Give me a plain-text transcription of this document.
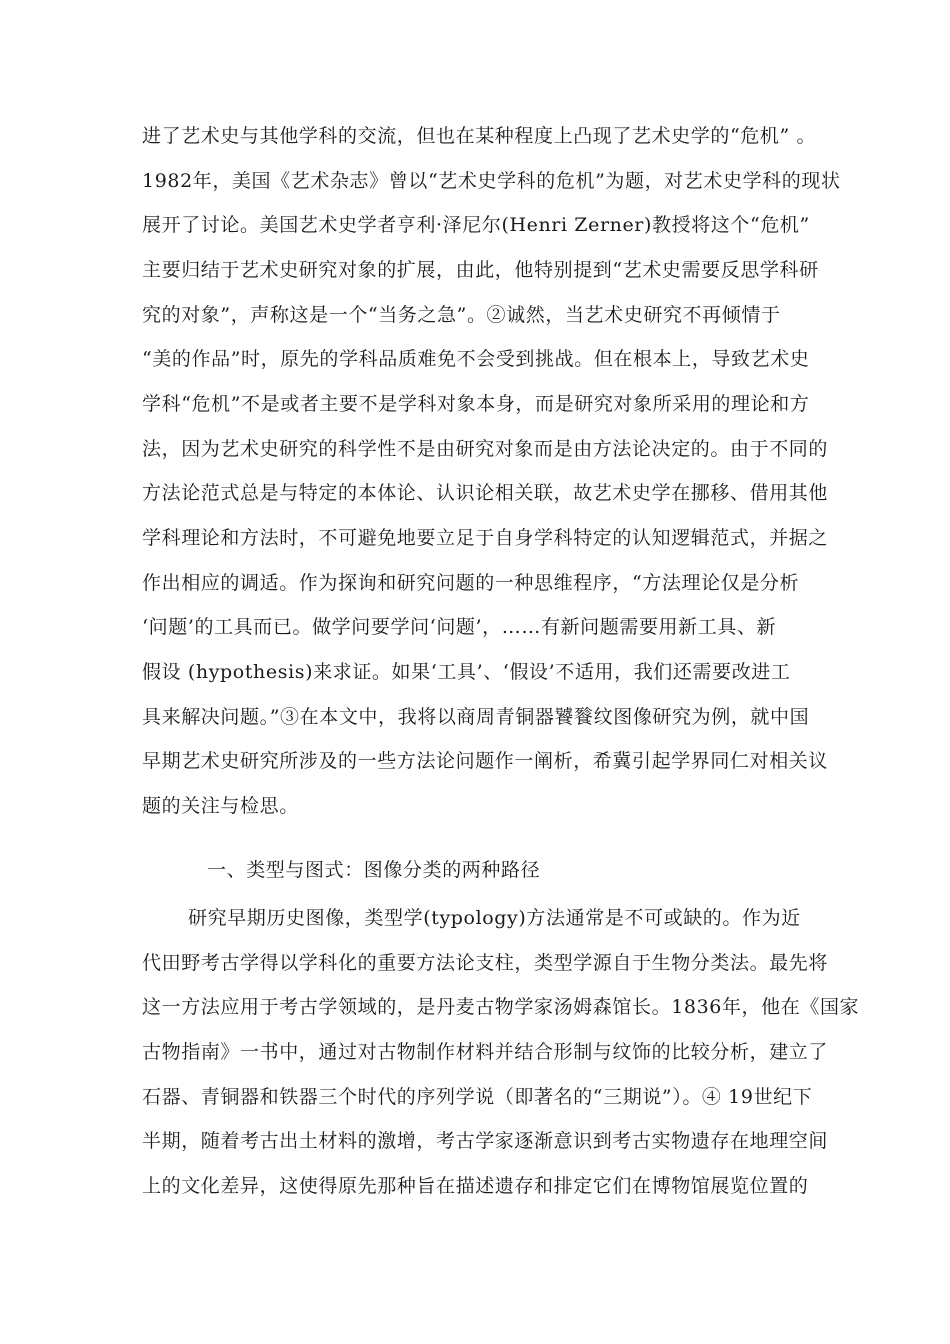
进了艺术史与其他学科的交流，但也在某种程度上凸现了艺术史学的“危机” 。
1982年，美国《艺术杂志》曾以“艺术史学科的危机”为题，对艺术史学科的现状
展开了讨论。美国艺术史学者亨利·泽尼尔(Henri Zerner)教授将这个“危机”
主要归结于艺术史研究对象的扩展，由此，他特别提到“艺术史需要反思学科研
究的对象”，声称这是一个“当务之急”。②诚然，当艺术史研究不再倾情于
“美的作品”时，原先的学科品质难免不会受到挑战。但在根本上，导致艺术史
学科“危机”不是或者主要不是学科对象本身，而是研究对象所采用的理论和方
法，因为艺术史研究的科学性不是由研究对象而是由方法论决定的。由于不同的
方法论范式总是与特定的本体论、认识论相关联，故艺术史学在挪移、借用其他
学科理论和方法时，不可避免地要立足于自身学科特定的认知逻辑范式，并据之
作出相应的调适。作为探询和研究问题的一种思维程序，“方法理论仅是分析
‘问题’的工具而已。做学问要学问‘问题’，……有新问题需要用新工具、新
假设 (hypothesis)来求证。如果‘工具’、‘假设’不适用，我们还需要改进工
具来解决问题。”③在本文中，我将以商周青铜器饕餮纹图像研究为例，就中国
早期艺术史研究所涉及的一些方法论问题作一阐析，希冀引起学界同仁对相关议
题的关注与检思。
一、类型与图式：图像分类的两种路径
研究早期历史图像，类型学(typology)方法通常是不可或缺的。作为近
代田野考古学得以学科化的重要方法论支柱，类型学源自于生物分类法。最先将
这一方法应用于考古学领域的，是丹麦古物学家汤姆森馆长。1836年，他在《国家
古物指南》一书中，通过对古物制作材料并结合形制与纹饰的比较分析，建立了
石器、青铜器和铁器三个时代的序列学说（即著名的“三期说”）。④ 19世纪下
半期，随着考古出土材料的激增，考古学家逐渐意识到考古实物遗存在地理空间
上的文化差异，这使得原先那种旨在描述遗存和排定它们在博物馆展览位置的
